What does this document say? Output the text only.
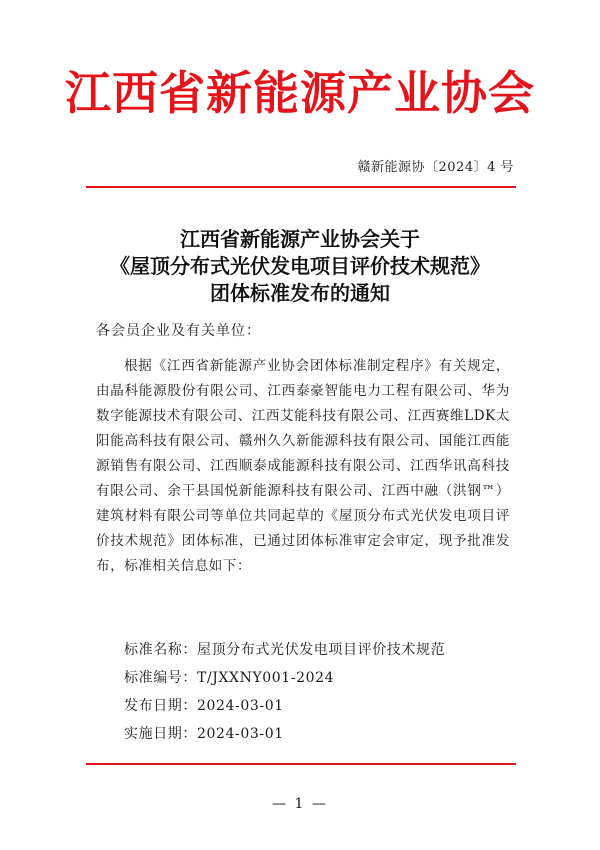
江西省新能源产业协会
赣新能源协〔2024〕4 号
江西省新能源产业协会关于
《屋顶分布式光伏发电项目评价技术规范》
团体标准发布的通知
各会员企业及有关单位：
根据《江西省新能源产业协会团体标准制定程序》有关规定，由晶科能源股份有限公司、江西泰豪智能电力工程有限公司、华为数字能源技术有限公司、江西艾能科技有限公司、江西赛维LDK太阳能高科技有限公司、赣州久久新能源科技有限公司、国能江西能源销售有限公司、江西顺泰成能源科技有限公司、江西华讯高科技有限公司、余干县国悦新能源科技有限公司、江西中融（洪钢™）建筑材料有限公司等单位共同起草的《屋顶分布式光伏发电项目评价技术规范》团体标准，已通过团体标准审定会审定，现予批准发布，标准相关信息如下：
标准名称：屋顶分布式光伏发电项目评价技术规范
标准编号：T/JXXNY001-2024
发布日期：2024-03-01
实施日期：2024-03-01
— 1 —
